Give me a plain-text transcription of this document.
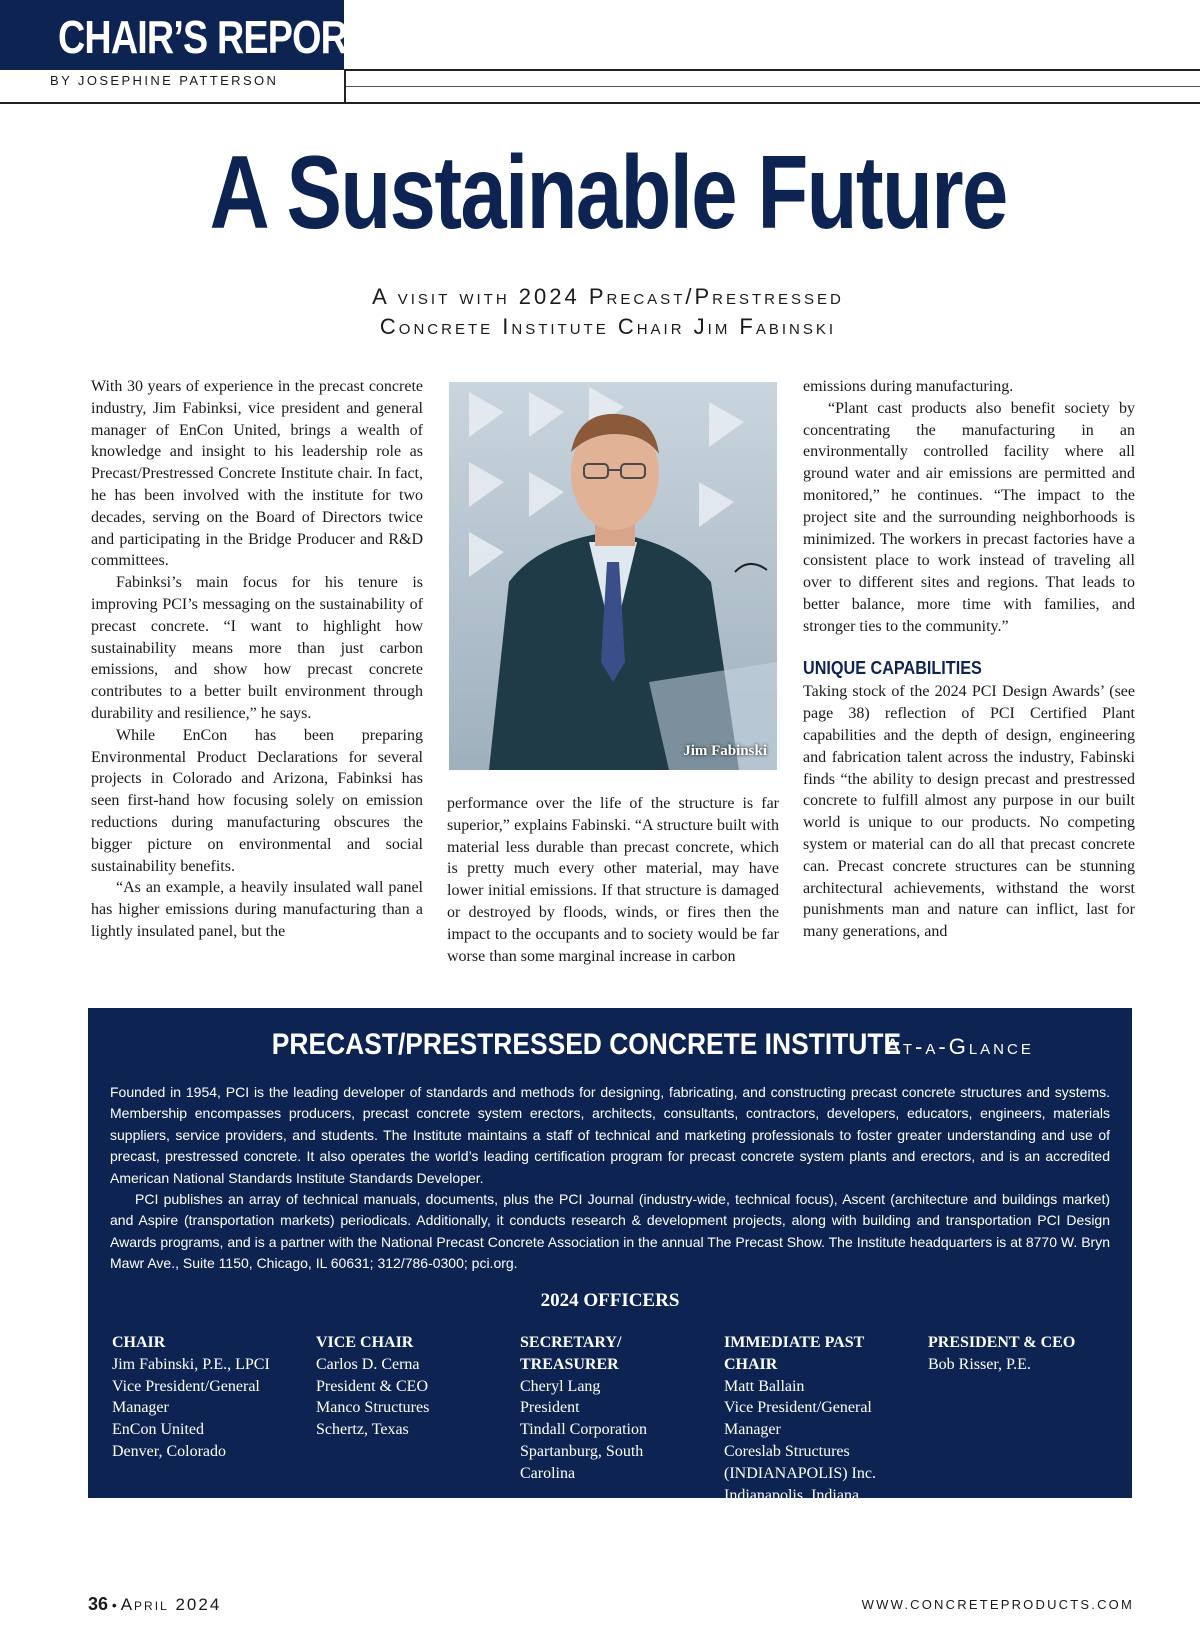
CHAIR’S REPORT
BY JOSEPHINE PATTERSON
A Sustainable Future
A visit with 2024 Precast/Prestressed
Concrete Institute Chair Jim Fabinski

With 30 years of experience in the precast concrete industry, Jim Fabinksi, vice president and general manager of EnCon United, brings a wealth of knowledge and insight to his leadership role as Precast/Prestressed Concrete Institute chair. In fact, he has been involved with the institute for two decades, serving on the Board of Directors twice and participating in the Bridge Producer and R&D committees.

Fabinksi’s main focus for his tenure is improving PCI’s messaging on the sustainability of precast concrete. “I want to highlight how sustainability means more than just carbon emissions, and show how precast concrete contributes to a better built environment through durability and resilience,” he says.

While EnCon has been preparing Environmental Product Declarations for several projects in Colorado and Arizona, Fabinksi has seen first-hand how focusing solely on emission reductions during manufacturing obscures the bigger picture on environmental and social sustainability benefits.

“As an example, a heavily insulated wall panel has higher emissions during manufacturing than a lightly insulated panel, but the

Jim Fabinski

performance over the life of the structure is far superior,” explains Fabinski. “A structure built with material less durable than precast concrete, which is pretty much every other material, may have lower initial emissions. If that structure is damaged or destroyed by floods, winds, or fires then the impact to the occupants and to society would be far worse than some marginal increase in carbon

emissions during manufacturing.

“Plant cast products also benefit society by concentrating the manufacturing in an environmentally controlled facility where all ground water and air emissions are permitted and monitored,” he continues. “The impact to the project site and the surrounding neighborhoods is minimized. The workers in precast factories have a consistent place to work instead of traveling all over to different sites and regions. That leads to better balance, more time with families, and stronger ties to the community.”

UNIQUE CAPABILITIES

Taking stock of the 2024 PCI Design Awards’ (see page 38) reflection of PCI Certified Plant capabilities and the depth of design, engineering and fabrication talent across the industry, Fabinski finds “the ability to design precast and prestressed concrete to fulfill almost any purpose in our built world is unique to our products. No competing system or material can do all that precast concrete can. Precast concrete structures can be stunning architectural achievements, withstand the worst punishments man and nature can inflict, last for many generations, and

PRECAST/PRESTRESSED CONCRETE INSTITUTE At-a-Glance

Founded in 1954, PCI is the leading developer of standards and methods for designing, fabricating, and constructing precast concrete structures and systems. Membership encompasses producers, precast concrete system erectors, architects, consultants, contractors, developers, educators, engineers, materials suppliers, service providers, and students. The Institute maintains a staff of technical and marketing professionals to foster greater understanding and use of precast, prestressed concrete. It also operates the world’s leading certification program for precast concrete system plants and erectors, and is an accredited American National Standards Institute Standards Developer.

PCI publishes an array of technical manuals, documents, plus the PCI Journal (industry-wide, technical focus), Ascent (architecture and buildings market) and Aspire (transportation markets) periodicals. Additionally, it conducts research & development projects, along with building and transportation PCI Design Awards programs, and is a partner with the National Precast Concrete Association in the annual The Precast Show. The Institute headquarters is at 8770 W. Bryn Mawr Ave., Suite 1150, Chicago, IL 60631; 312/786-0300; pci.org.

2024 OFFICERS
CHAIR
Jim Fabinski, P.E., LPCI
Vice President/General
Manager
EnCon United
Denver, Colorado
VICE CHAIR
Carlos D. Cerna
President & CEO
Manco Structures
Schertz, Texas
SECRETARY/ TREASURER
Cheryl Lang
President
Tindall Corporation
Spartanburg, South
Carolina
IMMEDIATE PAST CHAIR
Matt Ballain
Vice President/General
Manager
Coreslab Structures
(INDIANAPOLIS) Inc.
Indianapolis, Indiana
PRESIDENT & CEO
Bob Risser, P.E.
36 • April 2024	WWW.CONCRETEPRODUCTS.COM
